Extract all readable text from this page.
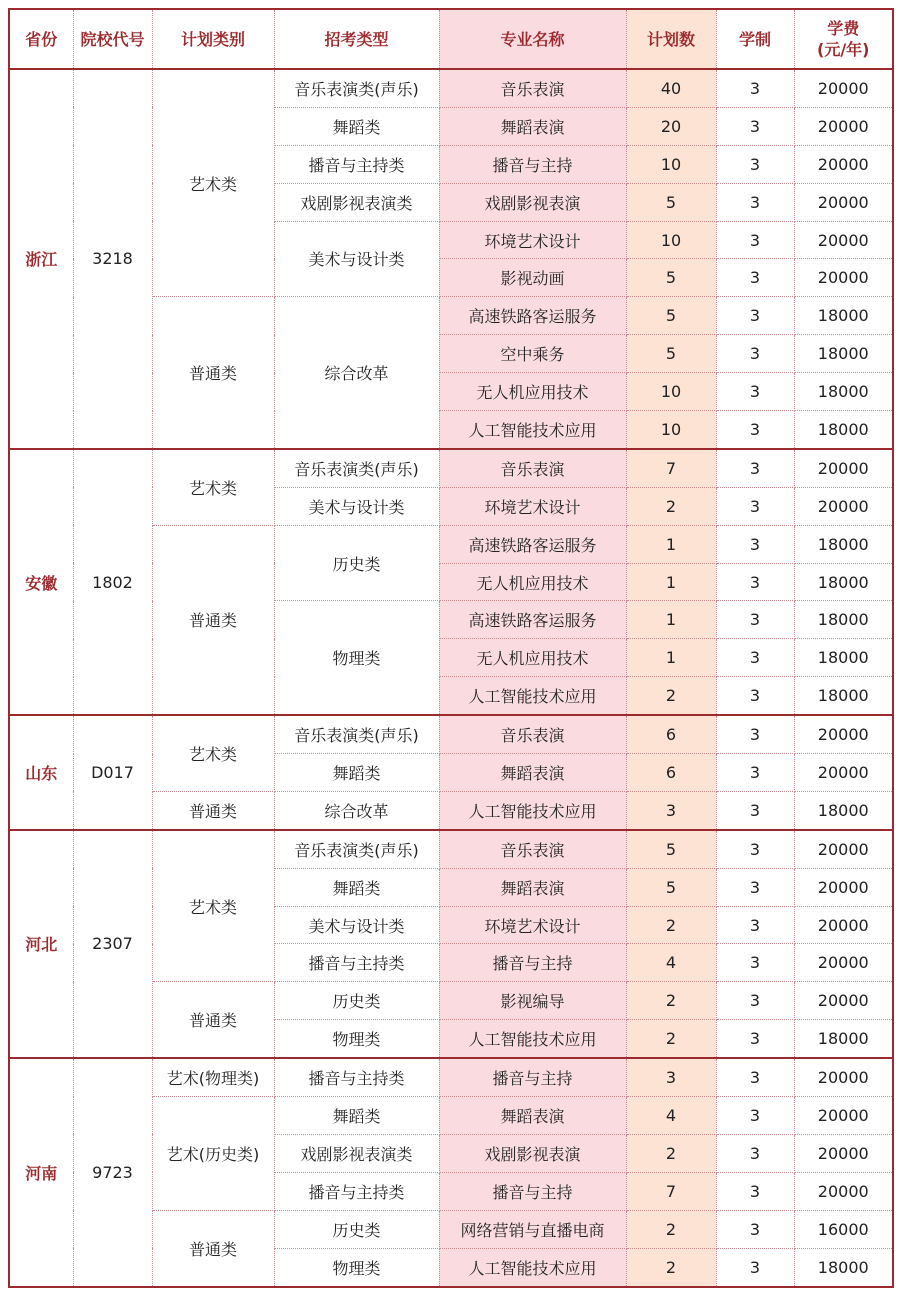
省份	院校代号	计划类别	招考类型	专业名称	计划数	学制	学费
(元/年)
浙江	3218	艺术类	音乐表演类(声乐)	音乐表演	40	3	20000
			舞蹈类	舞蹈表演	20	3	20000
			播音与主持类	播音与主持	10	3	20000
			戏剧影视表演类	戏剧影视表演	5	3	20000
			美术与设计类	环境艺术设计	10	3	20000
				影视动画	5	3	20000
		普通类	综合改革	高速铁路客运服务	5	3	18000
				空中乘务	5	3	18000
				无人机应用技术	10	3	18000
				人工智能技术应用	10	3	18000
安徽	1802	艺术类	音乐表演类(声乐)	音乐表演	7	3	20000
			美术与设计类	环境艺术设计	2	3	20000
		普通类	历史类	高速铁路客运服务	1	3	18000
				无人机应用技术	1	3	18000
			物理类	高速铁路客运服务	1	3	18000
				无人机应用技术	1	3	18000
				人工智能技术应用	2	3	18000
山东	D017	艺术类	音乐表演类(声乐)	音乐表演	6	3	20000
			舞蹈类	舞蹈表演	6	3	20000
		普通类	综合改革	人工智能技术应用	3	3	18000
河北	2307	艺术类	音乐表演类(声乐)	音乐表演	5	3	20000
			舞蹈类	舞蹈表演	5	3	20000
			美术与设计类	环境艺术设计	2	3	20000
			播音与主持类	播音与主持	4	3	20000
		普通类	历史类	影视编导	2	3	20000
			物理类	人工智能技术应用	2	3	18000
河南	9723	艺术(物理类)	播音与主持类	播音与主持	3	3	20000
		艺术(历史类)	舞蹈类	舞蹈表演	4	3	20000
			戏剧影视表演类	戏剧影视表演	2	3	20000
			播音与主持类	播音与主持	7	3	20000
		普通类	历史类	网络营销与直播电商	2	3	16000
			物理类	人工智能技术应用	2	3	18000
